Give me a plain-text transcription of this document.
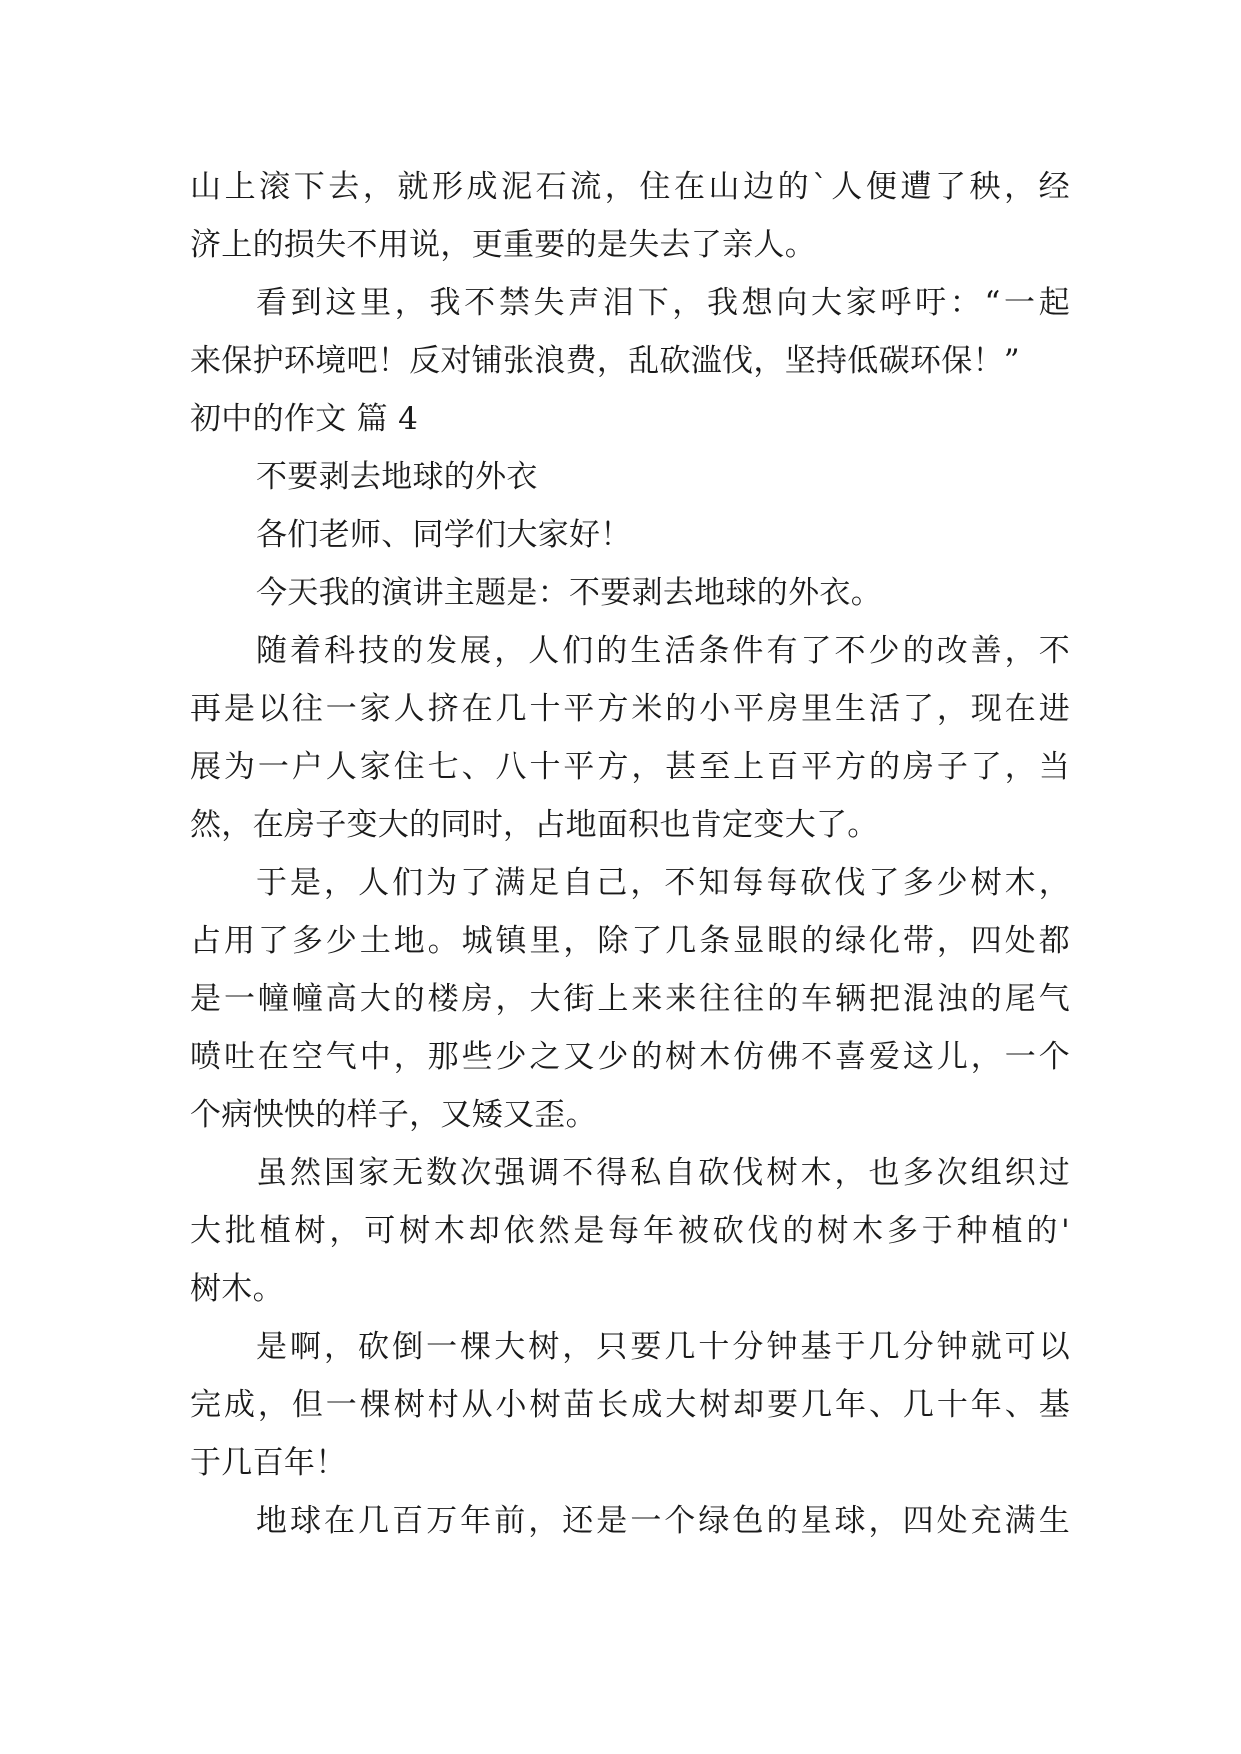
山上滚下去，就形成泥石流，住在山边的`人便遭了秧，经
济上的损失不用说，更重要的是失去了亲人。
看到这里，我不禁失声泪下，我想向大家呼吁：“一起
来保护环境吧！反对铺张浪费，乱砍滥伐，坚持低碳环保！”
初中的作文 篇 4
不要剥去地球的外衣
各们老师、同学们大家好！
今天我的演讲主题是：不要剥去地球的外衣。
随着科技的发展，人们的生活条件有了不少的改善，不
再是以往一家人挤在几十平方米的小平房里生活了，现在进
展为一户人家住七、八十平方，甚至上百平方的房子了，当
然，在房子变大的同时，占地面积也肯定变大了。
于是，人们为了满足自己，不知每每砍伐了多少树木，
占用了多少土地。城镇里，除了几条显眼的绿化带，四处都
是一幢幢高大的楼房，大街上来来往往的车辆把混浊的尾气
喷吐在空气中，那些少之又少的树木仿佛不喜爱这儿，一个
个病怏怏的样子，又矮又歪。
虽然国家无数次强调不得私自砍伐树木，也多次组织过
大批植树，可树木却依然是每年被砍伐的树木多于种植的'
树木。
是啊，砍倒一棵大树，只要几十分钟基于几分钟就可以
完成，但一棵树村从小树苗长成大树却要几年、几十年、基
于几百年！
地球在几百万年前，还是一个绿色的星球，四处充满生
